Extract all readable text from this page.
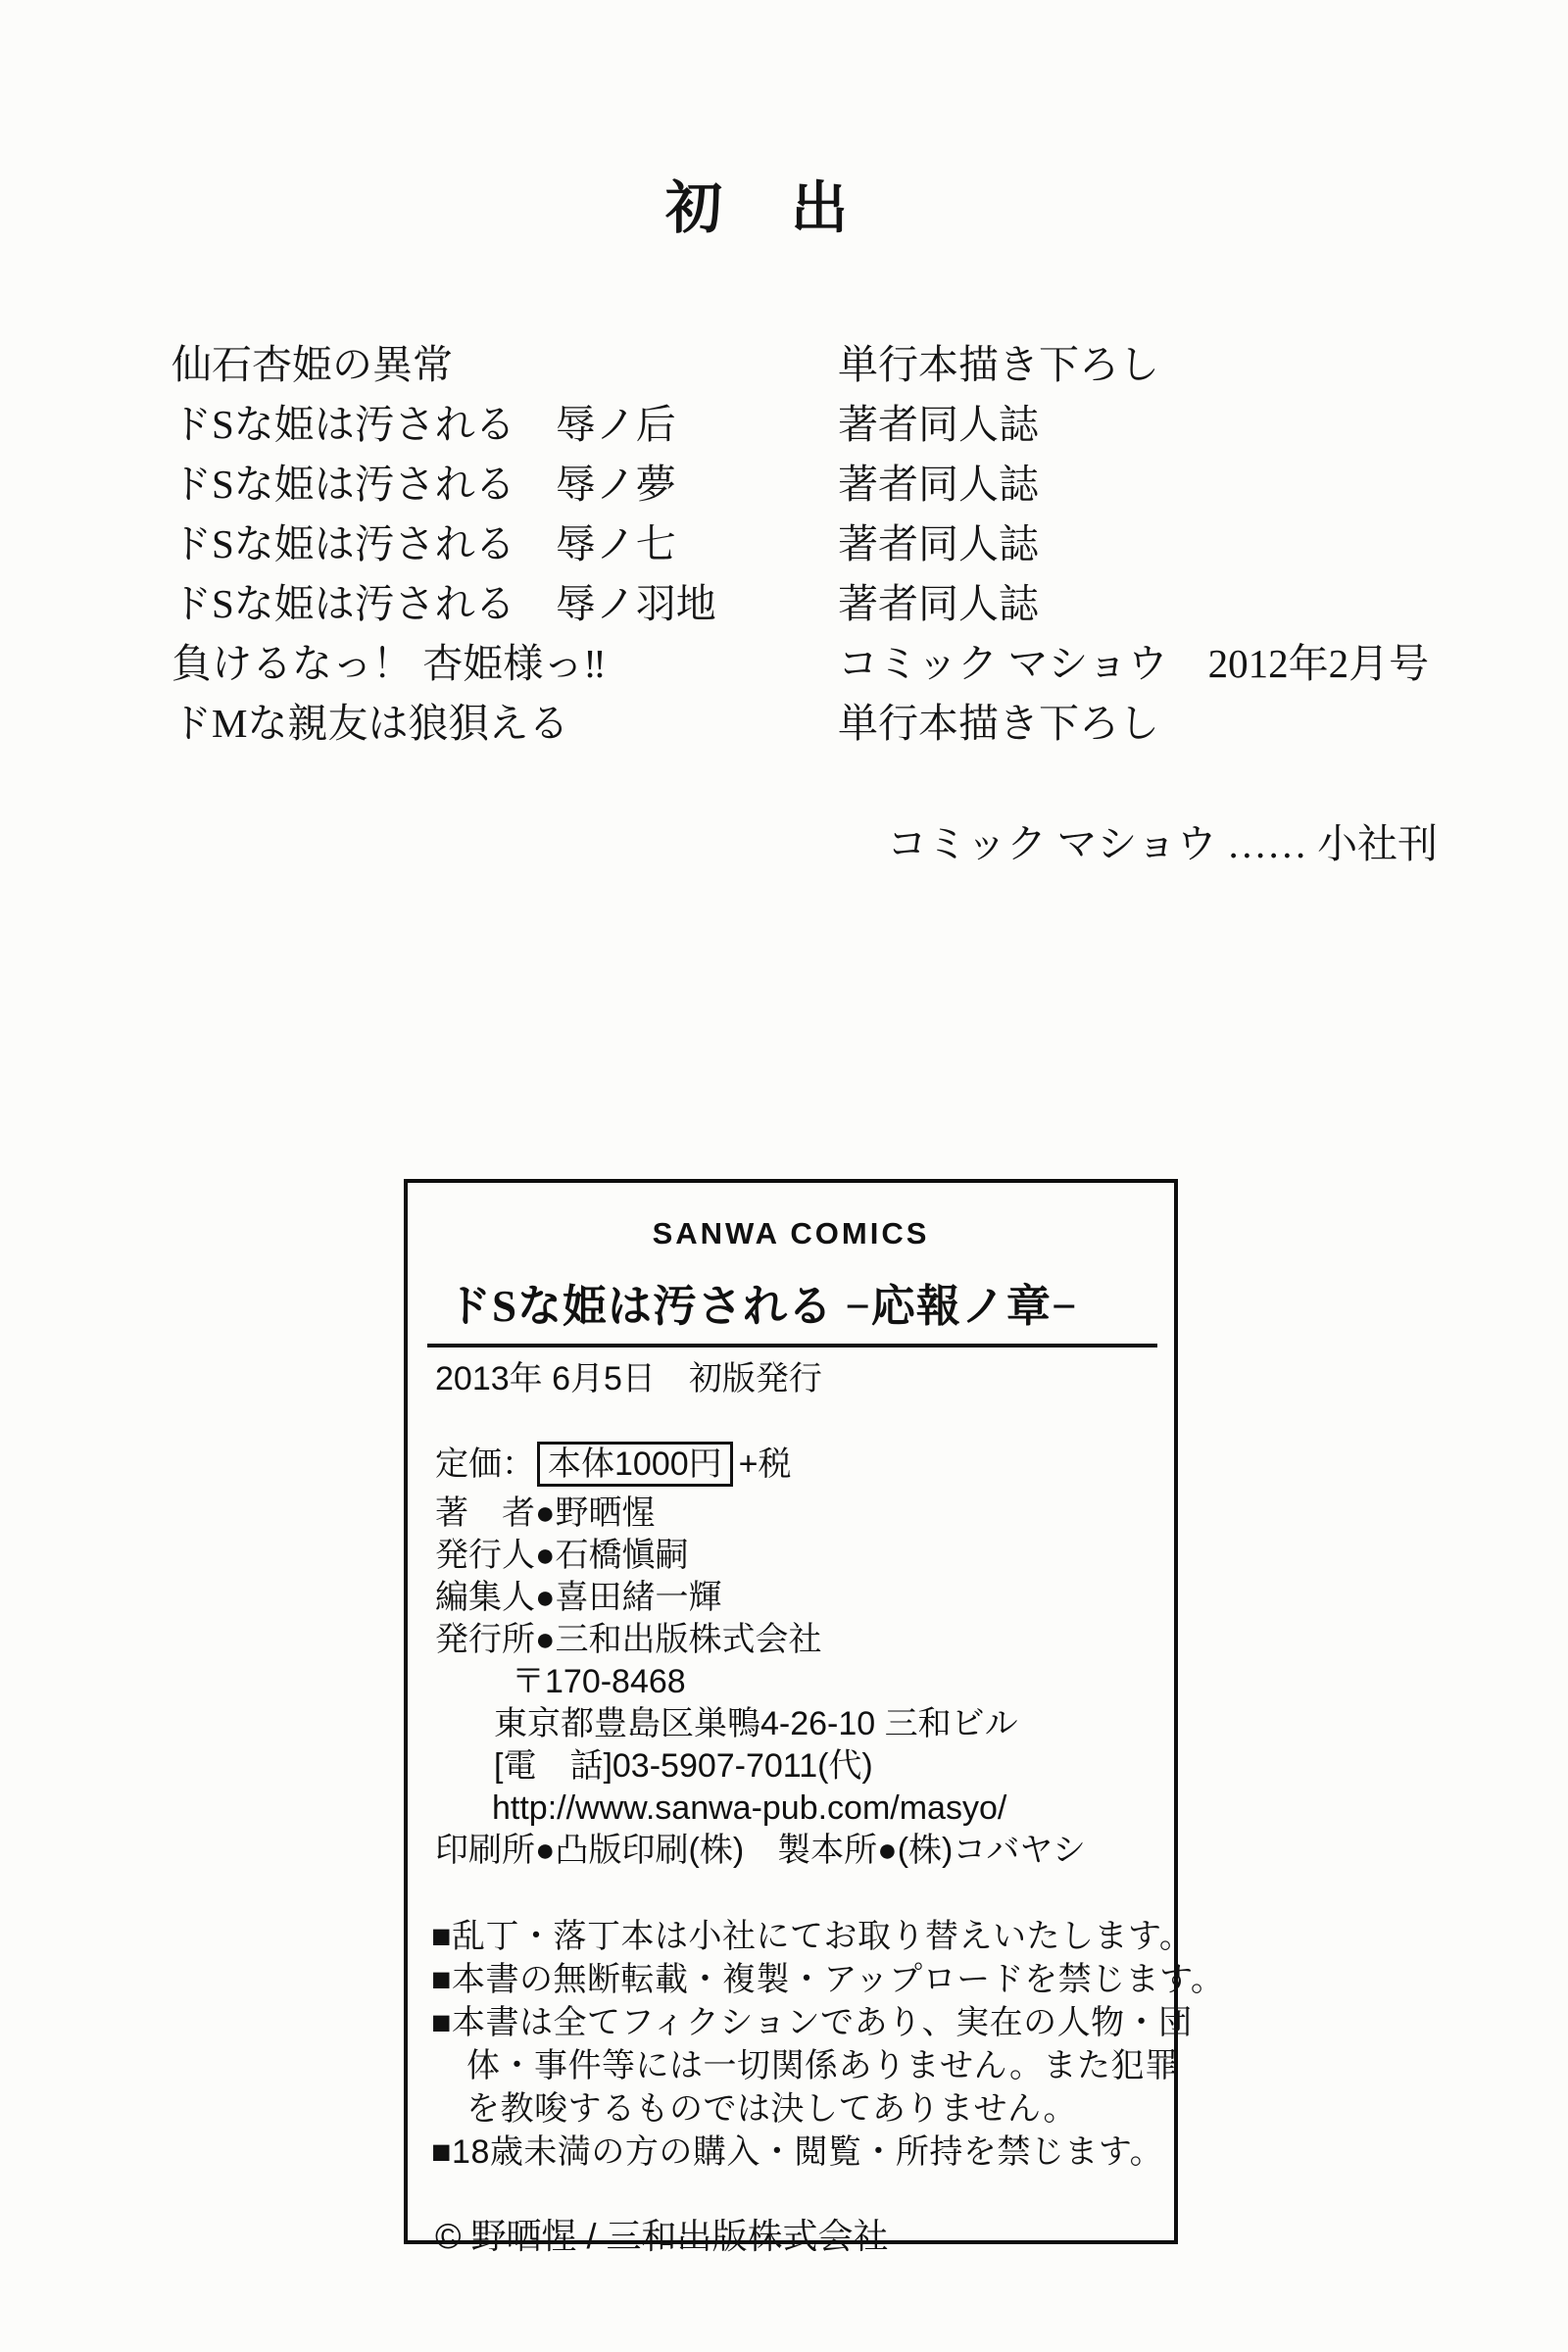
初　出
仙石杏姫の異常	単行本描き下ろし
ドSな姫は汚される　辱ノ后	著者同人誌
ドSな姫は汚される　辱ノ夢	著者同人誌
ドSな姫は汚される　辱ノ七	著者同人誌
ドSな姫は汚される　辱ノ羽地	著者同人誌
負けるなっ！ 杏姫様っ‼	コミック マショウ　2012年2月号
ドMな親友は狼狽える	単行本描き下ろし
コミック マショウ …… 小社刊
SANWA COMICS
ドSな姫は汚される −応報ノ章−
2013年 6月5日　初版発行
定価： 本体1000円 +税
著　者●野晒惺
発行人●石橋愼嗣
編集人●喜田緒一輝
発行所●三和出版株式会社
〒170-8468
東京都豊島区巣鴨4-26-10 三和ビル
[電　話]03-5907-7011(代)
http://www.sanwa-pub.com/masyo/
印刷所●凸版印刷(株)　製本所●(株)コバヤシ
■乱丁・落丁本は小社にてお取り替えいたします。
■本書の無断転載・複製・アップロードを禁じます。
■本書は全てフィクションであり、実在の人物・団
体・事件等には一切関係ありません。また犯罪
を教唆するものでは決してありません。
■18歳未満の方の購入・閲覧・所持を禁じます。
© 野晒惺 / 三和出版株式会社
